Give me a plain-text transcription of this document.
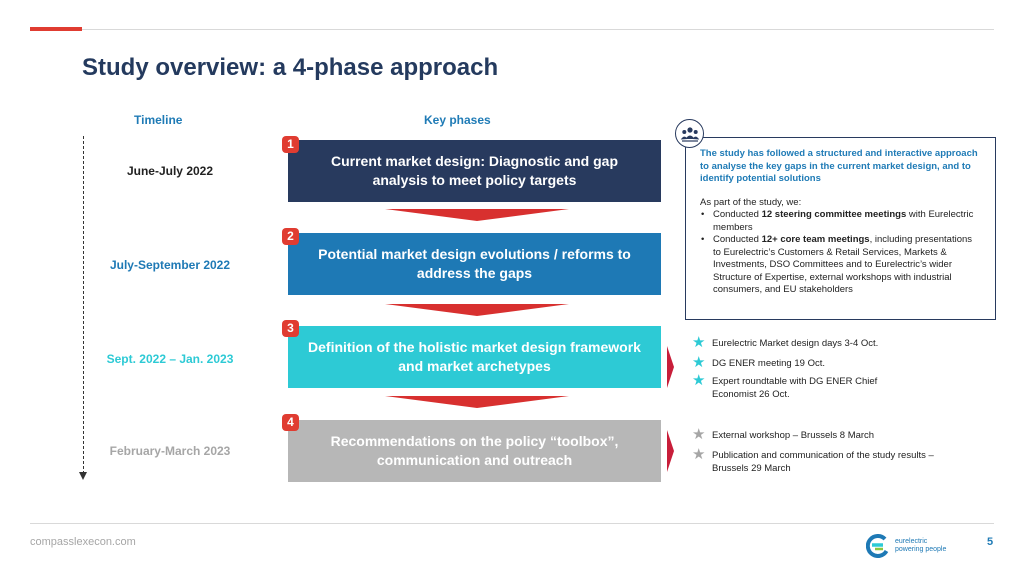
Study overview: a 4-phase approach
Timeline	Key phases
June-July 2022
July-September 2022
Sept. 2022 – Jan. 2023
February-March 2023
Current market design: Diagnostic and gap analysis to meet policy targets
1
Potential market design evolutions / reforms to address the gaps
2
Definition of the holistic market design framework and market archetypes
3
Recommendations on the policy “toolbox”, communication and outreach
4
The study has followed a structured and interactive approach to analyse the key gaps in the current market design, and to identify potential solutions
As part of the study, we:
• Conducted 12 steering committee meetings with Eurelectric members
• Conducted 12+ core team meetings, including presentations to Eurelectric’s Customers & Retail Services, Markets & Investments, DSO Committees and to Eurelectric’s wider Structure of Expertise, external workshops with industrial consumers, and EU stakeholders
★ Eurelectric Market design days 3-4 Oct.
★ DG ENER meeting 19 Oct.
★ Expert roundtable with DG ENER Chief Economist 26 Oct.
★ External workshop – Brussels 8 March
★ Publication and communication of the study results – Brussels 29 March
compasslexecon.com	eurelectric
powering people
5
